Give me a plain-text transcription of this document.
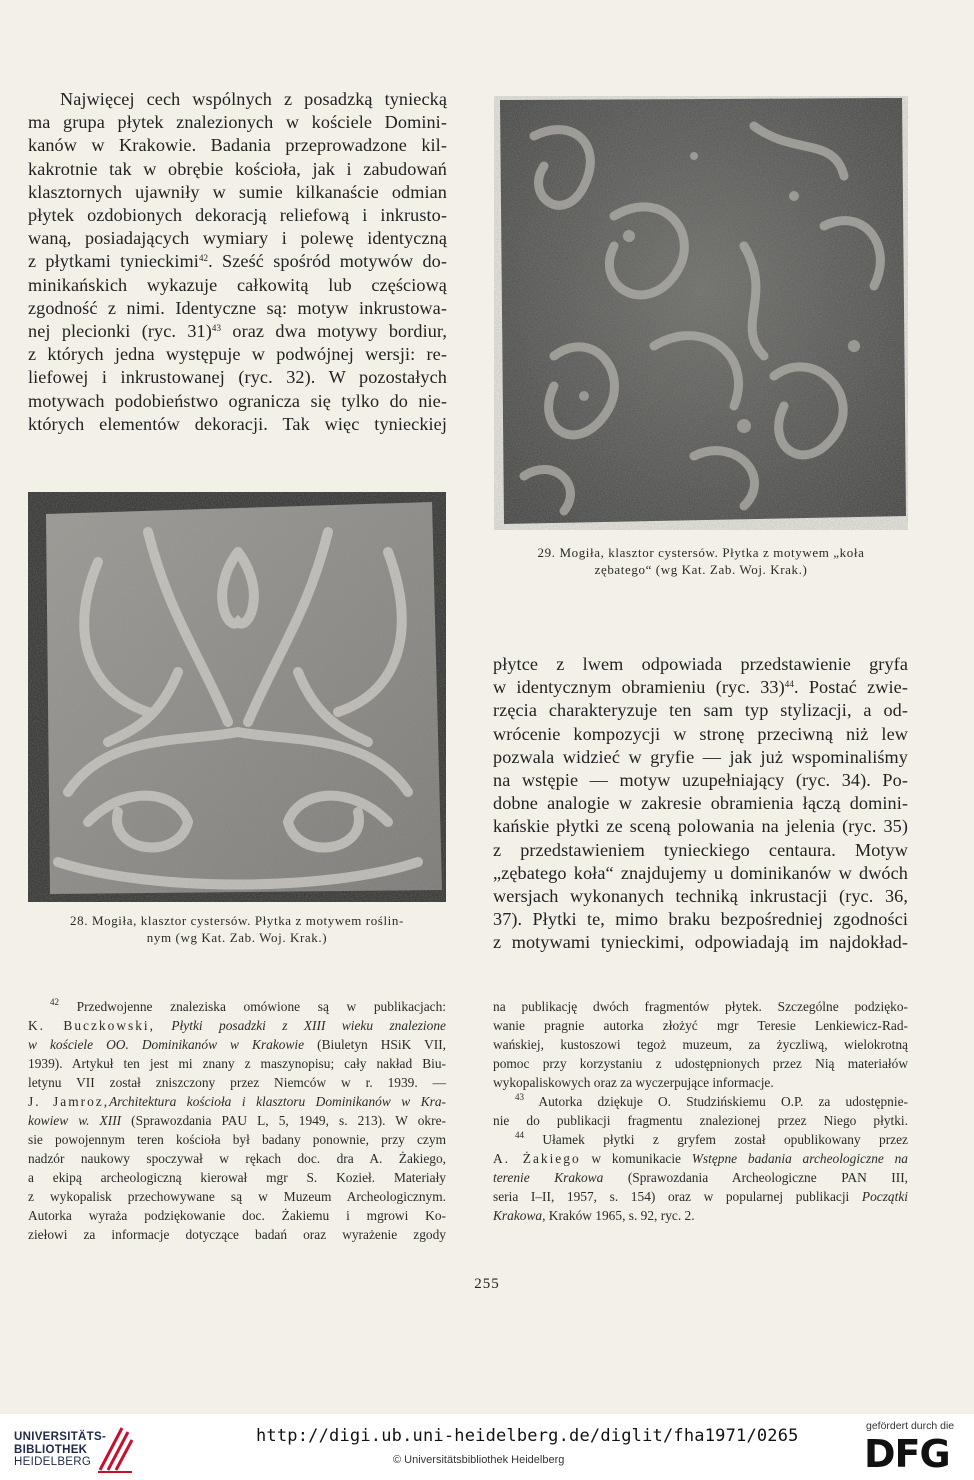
Najwięcej cech wspólnych z posadzką tyniecką
ma grupa płytek znalezionych w kościele Domini-
kanów w Krakowie. Badania przeprowadzone kil-
kakrotnie tak w obrębie kościoła, jak i zabudowań
klasztornych ujawniły w sumie kilkanaście odmian
płytek ozdobionych dekoracją reliefową i inkrusto-
waną, posiadających wymiary i polewę identyczną
z płytkami tynieckimi$^{42}$. Sześć spośród motywów do-
minikańskich wykazuje całkowitą lub częściową
zgodność z nimi. Identyczne są: motyw inkrustowa-
nej plecionki (ryc. 31)$^{43}$ oraz dwa motywy bordiur,
z których jedna występuje w podwójnej wersji: re-
liefowej i inkrustowanej (ryc. 32). W pozostałych
motywach podobieństwo ogranicza się tylko do nie-
których elementów dekoracji. Tak więc tynieckiej
29. Mogiła, klasztor cystersów. Płytka z motywem „koła
zębatego“ (wg Kat. Zab. Woj. Krak.)
28. Mogiła, klasztor cystersów. Płytka z motywem roślin-
nym (wg Kat. Zab. Woj. Krak.)
płytce z lwem odpowiada przedstawienie gryfa
w identycznym obramieniu (ryc. 33)$^{44}$. Postać zwie-
rzęcia charakteryzuje ten sam typ stylizacji, a od-
wrócenie kompozycji w stronę przeciwną niż lew
pozwala widzieć w gryfie — jak już wspominaliśmy
na wstępie — motyw uzupełniający (ryc. 34). Po-
dobne analogie w zakresie obramienia łączą domini-
kańskie płytki ze sceną polowania na jelenia (ryc. 35)
z przedstawieniem tynieckiego centaura. Motyw
„zębatego koła“ znajdujemy u dominikanów w dwóch
wersjach wykonanych techniką inkrustacji (ryc. 36,
37). Płytki te, mimo braku bezpośredniej zgodności
z motywami tynieckimi, odpowiadają im najdokład-
$^{42}$ Przedwojenne znaleziska omówione są w publikacjach:
K. Buczkowski, Płytki posadzki z XIII wieku znalezione
w kościele OO. Dominikanów w Krakowie (Biuletyn HSiK VII,
1939). Artykuł ten jest mi znany z maszynopisu; cały nakład Biu-
letynu VII został zniszczony przez Niemców w r. 1939. —
J. Jamroz,Architektura kościoła i klasztoru Dominikanów w Kra-
kowiew w. XIII (Sprawozdania PAU L, 5, 1949, s. 213). W okre-
sie powojennym teren kościoła był badany ponownie, przy czym
nadzór naukowy spoczywał w rękach doc. dra A. Żakiego,
a ekipą archeologiczną kierował mgr S. Kozieł. Materiały
z wykopalisk przechowywane są w Muzeum Archeologicznym.
Autorka wyraża podziękowanie doc. Żakiemu i mgrowi Ko-
ziełowi za informacje dotyczące badań oraz wyrażenie zgody
na publikację dwóch fragmentów płytek. Szczególne podzięko-
wanie pragnie autorka złożyć mgr Teresie Lenkiewicz-Rad-
wańskiej, kustoszowi tegoż muzeum, za życzliwą, wielokrotną
pomoc przy korzystaniu z udostępnionych przez Nią materiałów
wykopaliskowych oraz za wyczerpujące informacje.
$^{43}$ Autorka dziękuje O. Studzińskiemu O.P. za udostępnie-
nie do publikacji fragmentu znalezionej przez Niego płytki.
$^{44}$ Ułamek płytki z gryfem został opublikowany przez
A. Żakiego w komunikacie Wstępne badania archeologiczne na
terenie Krakowa (Sprawozdania Archeologiczne PAN III,
seria I–II, 1957, s. 154) oraz w popularnej publikacji Początki
Krakowa, Kraków 1965, s. 92, ryc. 2.
255
UNIVERSITÄTS-
BIBLIOTHEK
HEIDELBERG
http://digi.ub.uni-heidelberg.de/diglit/fha1971/0265
© Universitätsbibliothek Heidelberg
gefördert durch die
DFG
